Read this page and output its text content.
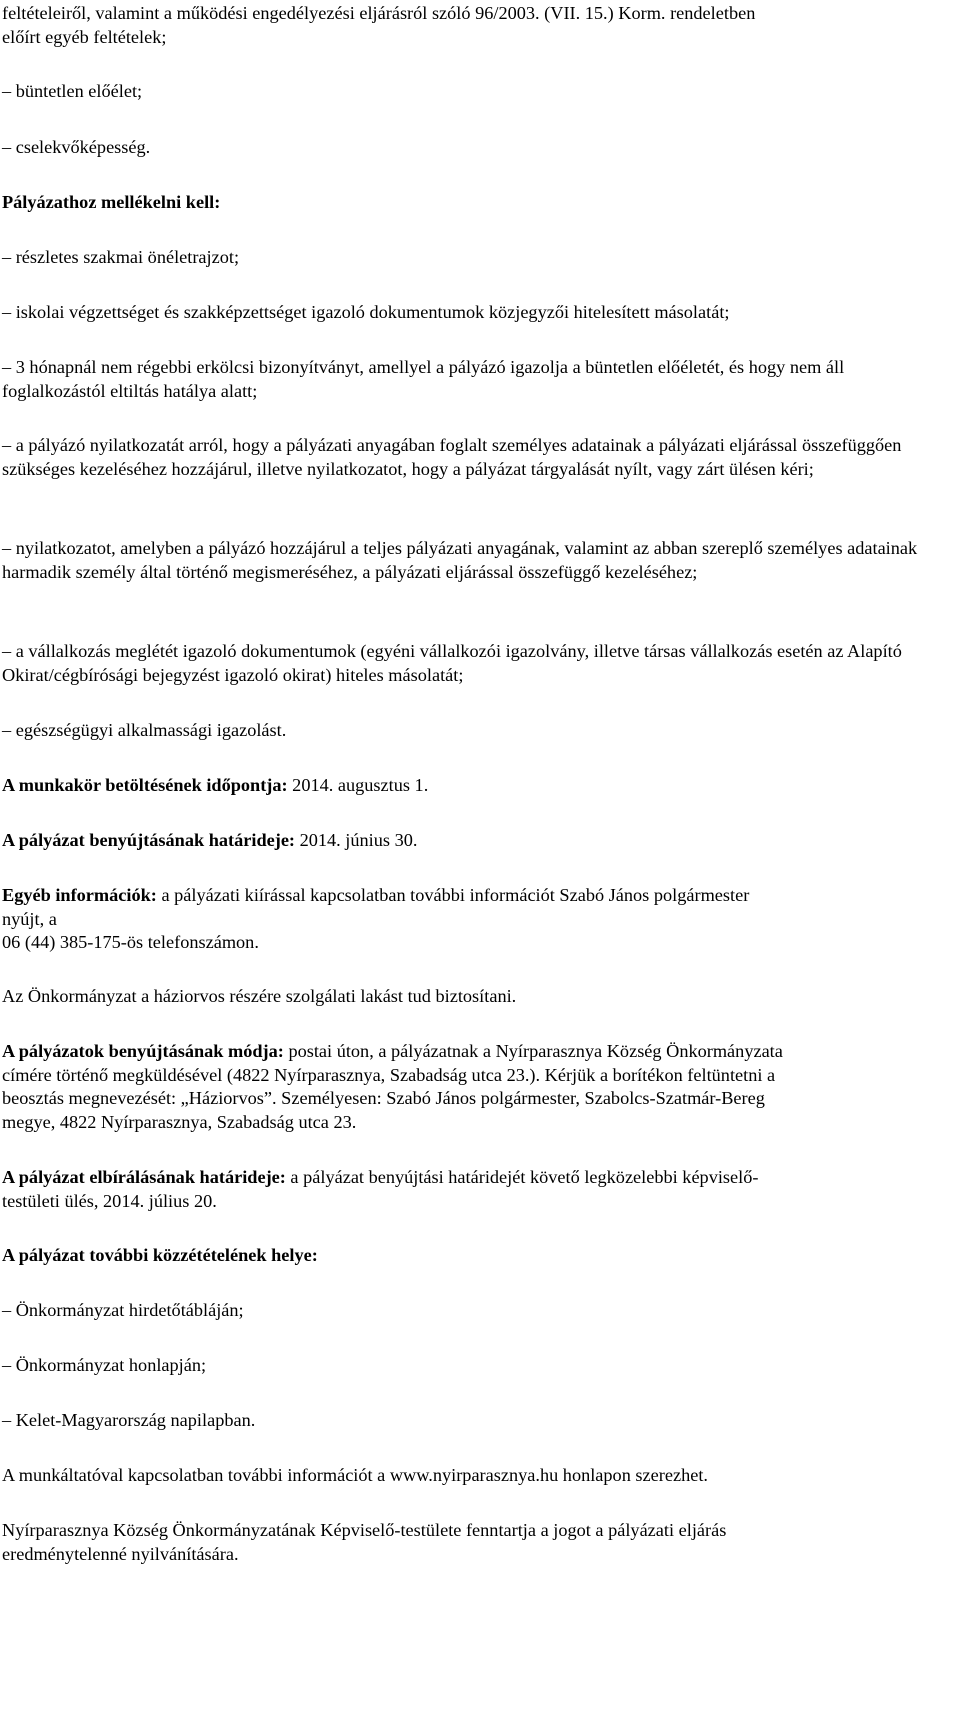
feltételeiről, valamint a működési engedélyezési eljárásról szóló 96/2003. (VII. 15.) Korm. rendeletben
előírt egyéb feltételek;
– büntetlen előélet;
– cselekvőképesség.
Pályázathoz mellékelni kell:
– részletes szakmai önéletrajzot;
– iskolai végzettséget és szakképzettséget igazoló dokumentumok közjegyzői hitelesített másolatát;
– 3 hónapnál nem régebbi erkölcsi bizonyítványt, amellyel a pályázó igazolja a büntetlen előéletét, és hogy nem áll foglalkozástól eltiltás hatálya alatt;
– a pályázó nyilatkozatát arról, hogy a pályázati anyagában foglalt személyes adatainak a pályázati eljárással összefüggően szükséges kezeléséhez hozzájárul, illetve nyilatkozatot, hogy a pályázat tárgyalását nyílt, vagy zárt ülésen kéri;
– nyilatkozatot, amelyben a pályázó hozzájárul a teljes pályázati anyagának, valamint az abban szereplő személyes adatainak harmadik személy által történő megismeréséhez, a pályázati eljárással összefüggő kezeléséhez;
– a vállalkozás meglétét igazoló dokumentumok (egyéni vállalkozói igazolvány, illetve társas vállalkozás esetén az Alapító Okirat/cégbírósági bejegyzést igazoló okirat) hiteles másolatát;
– egészségügyi alkalmassági igazolást.
A munkakör betöltésének időpontja: 2014. augusztus 1.
A pályázat benyújtásának határideje: 2014. június 30.
Egyéb információk: a pályázati kiírással kapcsolatban további információt Szabó János polgármester
nyújt, a
06 (44) 385-175-ös telefonszámon.
Az Önkormányzat a háziorvos részére szolgálati lakást tud biztosítani.
A pályázatok benyújtásának módja: postai úton, a pályázatnak a Nyírparasznya Község Önkormányzata
címére történő megküldésével (4822 Nyírparasznya, Szabadság utca 23.). Kérjük a borítékon feltüntetni a
beosztás megnevezését: „Háziorvos”. Személyesen: Szabó János polgármester, Szabolcs-Szatmár-Bereg
megye, 4822 Nyírparasznya, Szabadság utca 23.
A pályázat elbírálásának határideje: a pályázat benyújtási határidejét követő legközelebbi képviselő-
testületi ülés, 2014. július 20.
A pályázat további közzétételének helye:
– Önkormányzat hirdetőtábláján;
– Önkormányzat honlapján;
– Kelet-Magyarország napilapban.
A munkáltatóval kapcsolatban további információt a www.nyirparasznya.hu honlapon szerezhet.
Nyírparasznya Község Önkormányzatának Képviselő-testülete fenntartja a jogot a pályázati eljárás
eredménytelenné nyilvánítására.
